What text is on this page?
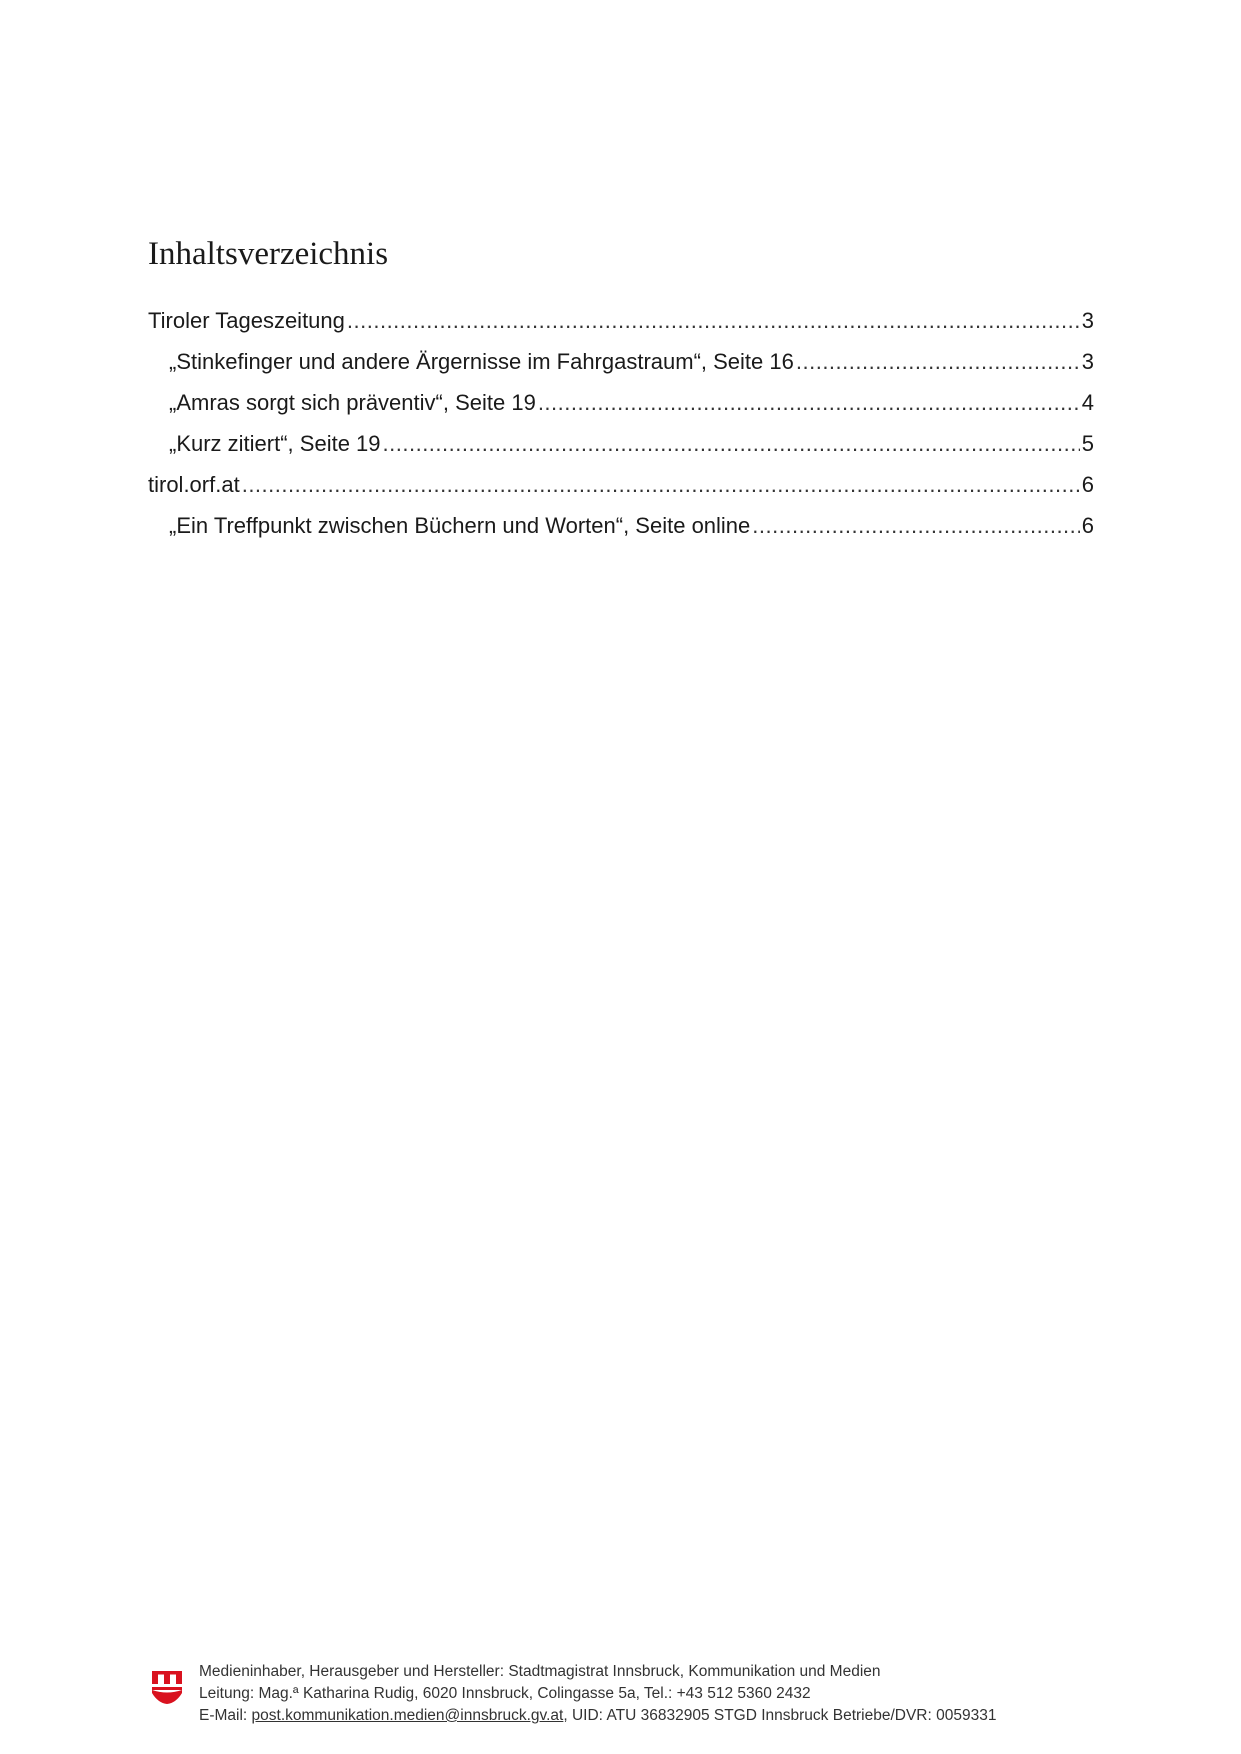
Inhaltsverzeichnis
Tiroler Tageszeitung .....	3
„Stinkefinger und andere Ärgernisse im Fahrgastraum“, Seite 16 .....	3
„Amras sorgt sich präventiv“, Seite 19 .....	4
„Kurz zitiert“, Seite 19 .....	5
tirol.orf.at .....	6
„Ein Treffpunkt zwischen Büchern und Worten“, Seite online .....	6
Medieninhaber, Herausgeber und Hersteller: Stadtmagistrat Innsbruck, Kommunikation und Medien
Leitung: Mag.ª Katharina Rudig, 6020 Innsbruck, Colingasse 5a, Tel.: +43 512 5360 2432
E-Mail: post.kommunikation.medien@innsbruck.gv.at, UID: ATU 36832905 STGD Innsbruck Betriebe/DVR: 0059331
